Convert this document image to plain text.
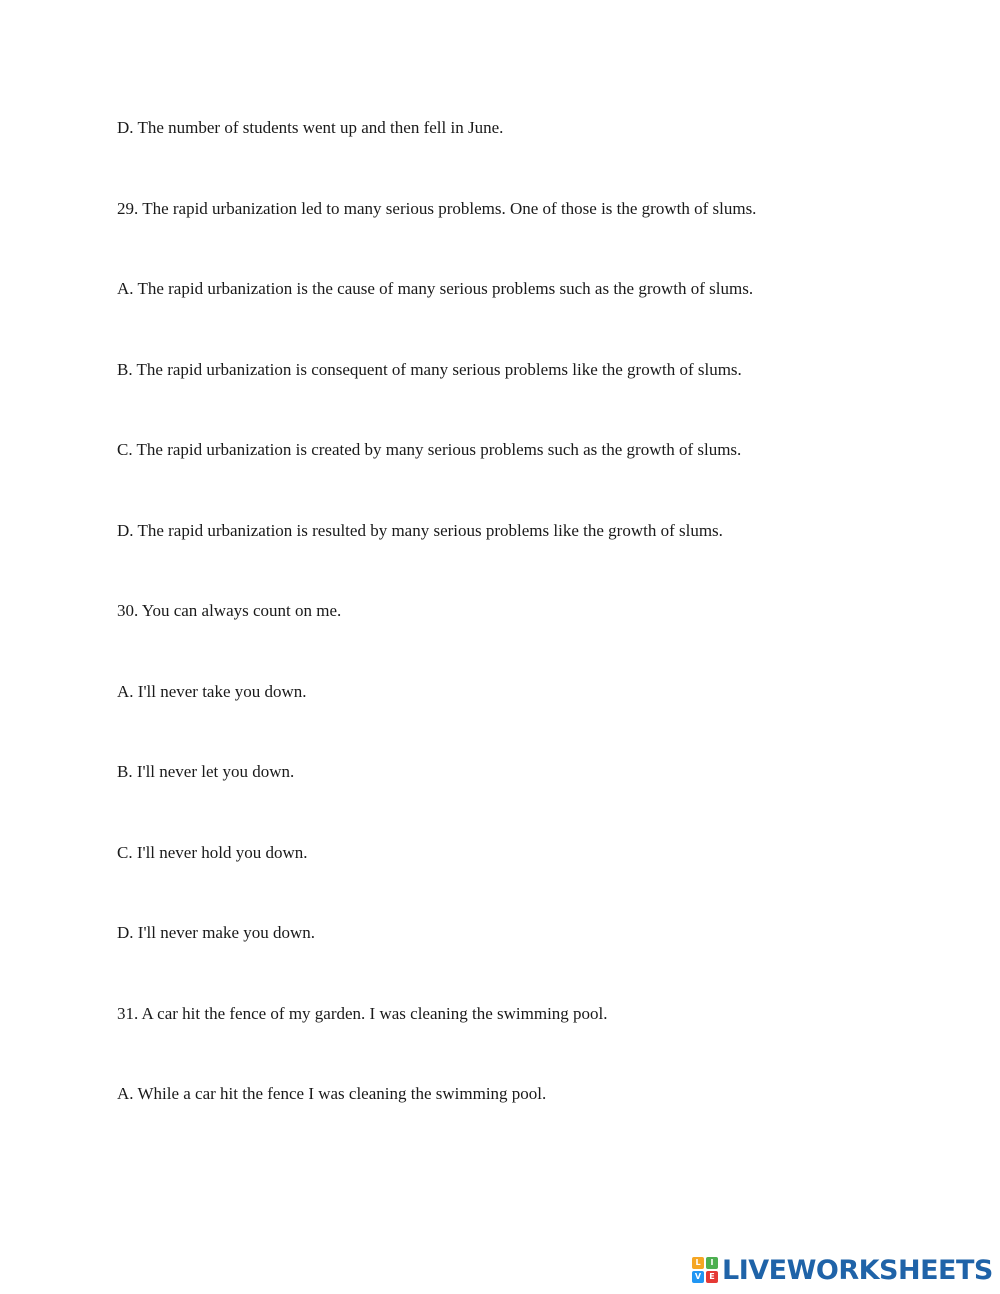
D. The number of students went up and then fell in June.
29. The rapid urbanization led to many serious problems. One of those is the growth of slums.
A. The rapid urbanization is the cause of many serious problems such as the growth of slums.
B. The rapid urbanization is consequent of many serious problems like the growth of slums.
C. The rapid urbanization is created by many serious problems such as the growth of slums.
D. The rapid urbanization is resulted by many serious problems like the growth of slums.
30. You can always count on me.
A. I'll never take you down.
B. I'll never let you down.
C. I'll never hold you down.
D. I'll never make you down.
31. A car hit the fence of my garden. I was cleaning the swimming pool.
A. While a car hit the fence I was cleaning the swimming pool.
L	I
V	E LIVEWORKSHEETS
